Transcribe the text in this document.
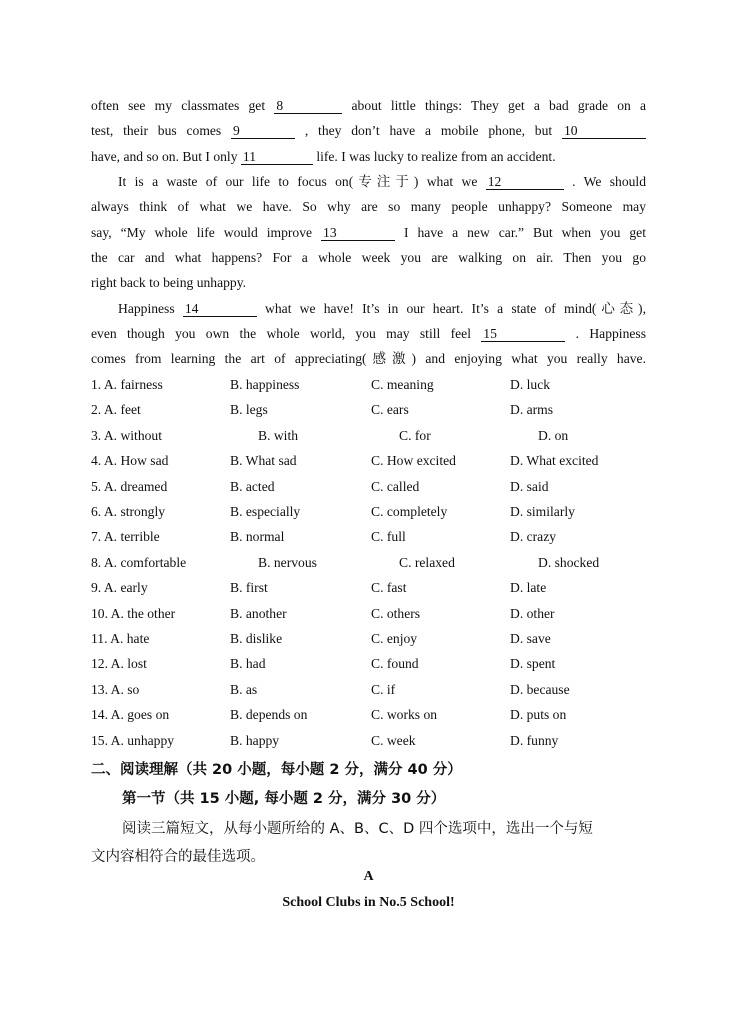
often see my classmates get 8	about little things: They get a bad grade on a
test, their bus comes 9	, they don’t have a mobile phone, but 10
have, and so on. But I only 11	life. I was lucky to realize from an accident.
It is a waste of our life to focus on(专注于) what we 12	. We should
always think of what we have. So why are so many people unhappy? Someone may
say, “My whole life would improve 13	I have a new car.” But when you get
the car and what happens? For a whole week you are walking on air. Then you go
right back to being unhappy.
Happiness 14	what we have! It’s in our heart. It’s a state of mind(心态),
even though you own the whole world, you may still feel 15	. Happiness
comes from learning the art of appreciating(感激) and enjoying what you really have.
1. A. fairness	B. happiness	C. meaning	D. luck
2. A. feet	B. legs	C. ears	D. arms
3. A. without	B. with	C. for	D. on
4. A. How sad	B. What sad	C. How excited	D. What excited
5. A. dreamed	B. acted	C. called	D. said
6. A. strongly	B. especially	C. completely	D. similarly
7. A. terrible	B. normal	C. full	D. crazy
8. A. comfortable	B. nervous	C. relaxed	D. shocked
9. A. early	B. first	C. fast	D. late
10. A. the other	B. another	C. others	D. other
11. A. hate	B. dislike	C. enjoy	D. save
12. A. lost	B. had	C. found	D. spent
13. A. so	B. as	C. if	D. because
14. A. goes on	B. depends on	C. works on	D. puts on
15. A. unhappy	B. happy	C. week	D. funny
二、阅读理解（共 20 小题，每小题 2 分，满分 40 分）
第一节（共 15 小题, 每小题 2 分，满分 30 分）
阅读三篇短文，从每小题所给的 A、B、C、D 四个选项中，选出一个与短
文内容相符合的最佳选项。
A
School Clubs in No.5 School!
